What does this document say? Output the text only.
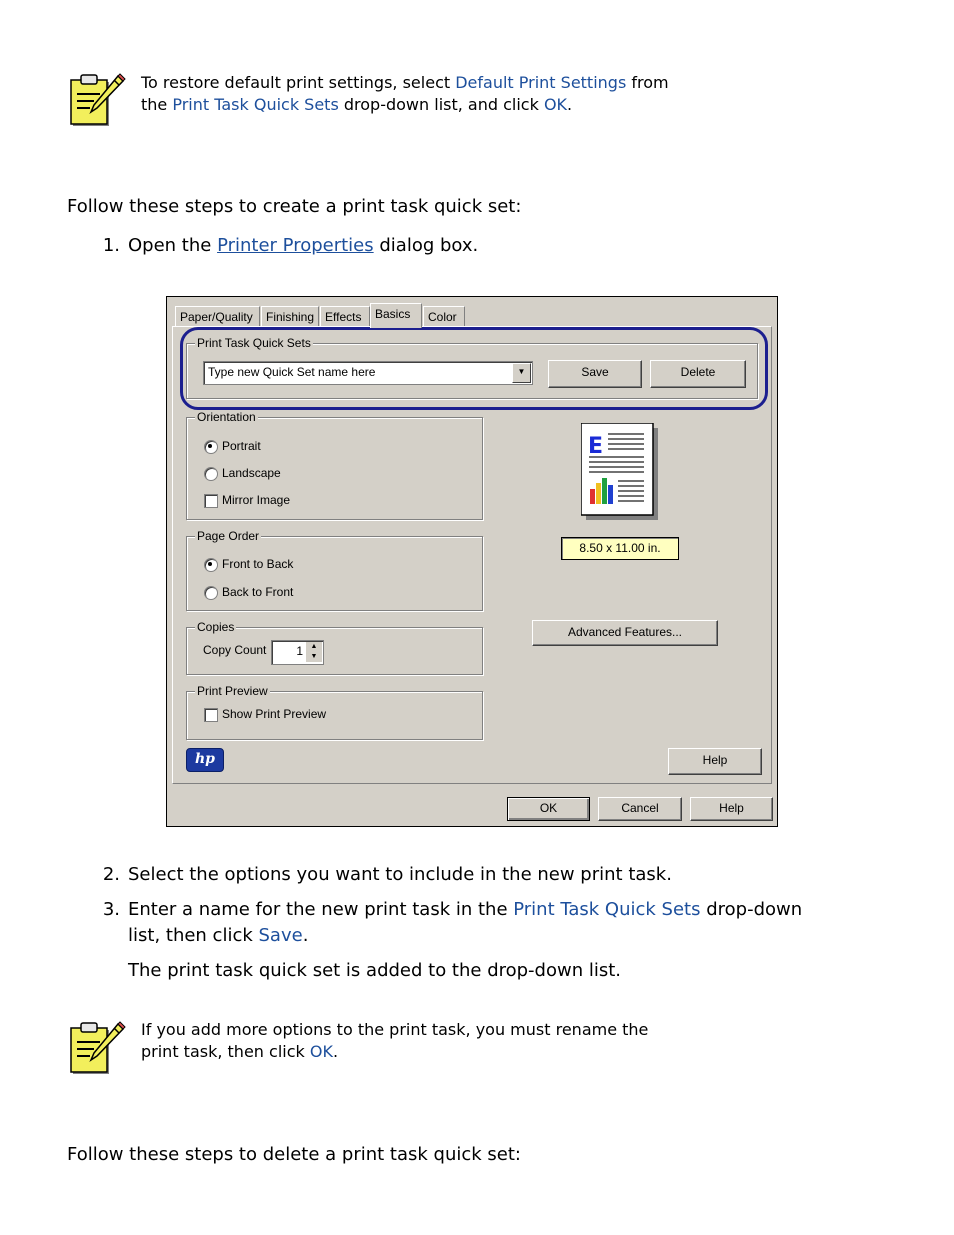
To restore default print settings, select Default Print Settings from
the Print Task Quick Sets drop-down list, and click OK.
Follow these steps to create a print task quick set:
1. Open the Printer Properties dialog box.
Paper/Quality	Finishing Effects	Basics	Color
Print Task Quick Sets
Type new Quick Set name here	▼	Save	Delete
Orientation
Portrait
Landscape
Mirror Image
Page Order
Front to Back
Back to Front
Copies
Copy Count 1	▲
▼
Print Preview
Show Print Preview
E
8.50 x 11.00 in.
Advanced Features...
hp	Help
OK	Cancel	Help
2. Select the options you want to include in the new print task.
3. Enter a name for the new print task in the Print Task Quick Sets drop-down
list, then click Save.
The print task quick set is added to the drop-down list.
If you add more options to the print task, you must rename the
print task, then click OK.
Follow these steps to delete a print task quick set:
